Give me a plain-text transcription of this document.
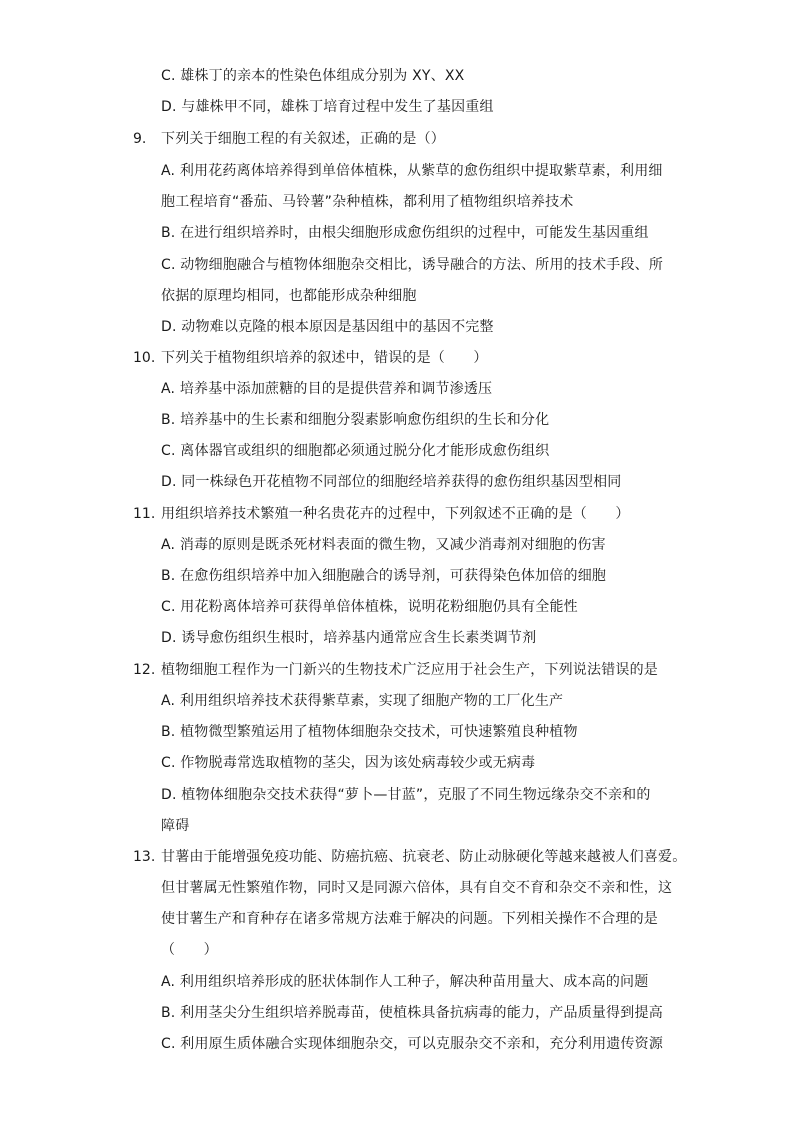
C. 雄株丁的亲本的性染色体组成分别为 XY、XX
D. 与雄株甲不同，雄株丁培育过程中发生了基因重组
9. 下列关于细胞工程的有关叙述，正确的是（）
A. 利用花药离体培养得到单倍体植株，从紫草的愈伤组织中提取紫草素，利用细
胞工程培育“番茄、马铃薯”杂种植株，都利用了植物组织培养技术
B. 在进行组织培养时，由根尖细胞形成愈伤组织的过程中，可能发生基因重组
C. 动物细胞融合与植物体细胞杂交相比，诱导融合的方法、所用的技术手段、所
依据的原理均相同，也都能形成杂种细胞
D. 动物难以克隆的根本原因是基因组中的基因不完整
10. 下列关于植物组织培养的叙述中，错误的是（　　）
A. 培养基中添加蔗糖的目的是提供营养和调节渗透压
B. 培养基中的生长素和细胞分裂素影响愈伤组织的生长和分化
C. 离体器官或组织的细胞都必须通过脱分化才能形成愈伤组织
D. 同一株绿色开花植物不同部位的细胞经培养获得的愈伤组织基因型相同
11. 用组织培养技术繁殖一种名贵花卉的过程中，下列叙述不正确的是（　　）
A. 消毒的原则是既杀死材料表面的微生物，又减少消毒剂对细胞的伤害
B. 在愈伤组织培养中加入细胞融合的诱导剂，可获得染色体加倍的细胞
C. 用花粉离体培养可获得单倍体植株，说明花粉细胞仍具有全能性
D. 诱导愈伤组织生根时，培养基内通常应含生长素类调节剂
12. 植物细胞工程作为一门新兴的生物技术广泛应用于社会生产，下列说法错误的是
A. 利用组织培养技术获得紫草素，实现了细胞产物的工厂化生产
B. 植物微型繁殖运用了植物体细胞杂交技术，可快速繁殖良种植物
C. 作物脱毒常选取植物的茎尖，因为该处病毒较少或无病毒
D. 植物体细胞杂交技术获得“萝卜—甘蓝”，克服了不同生物远缘杂交不亲和的
障碍
13. 甘薯由于能增强免疫功能、防癌抗癌、抗衰老、防止动脉硬化等越来越被人们喜爱。
但甘薯属无性繁殖作物，同时又是同源六倍体，具有自交不育和杂交不亲和性，这
使甘薯生产和育种存在诸多常规方法难于解决的问题。下列相关操作不合理的是
（　　）
A. 利用组织培养形成的胚状体制作人工种子，解决种苗用量大、成本高的问题
B. 利用茎尖分生组织培养脱毒苗，使植株具备抗病毒的能力，产品质量得到提高
C. 利用原生质体融合实现体细胞杂交，可以克服杂交不亲和，充分利用遗传资源
